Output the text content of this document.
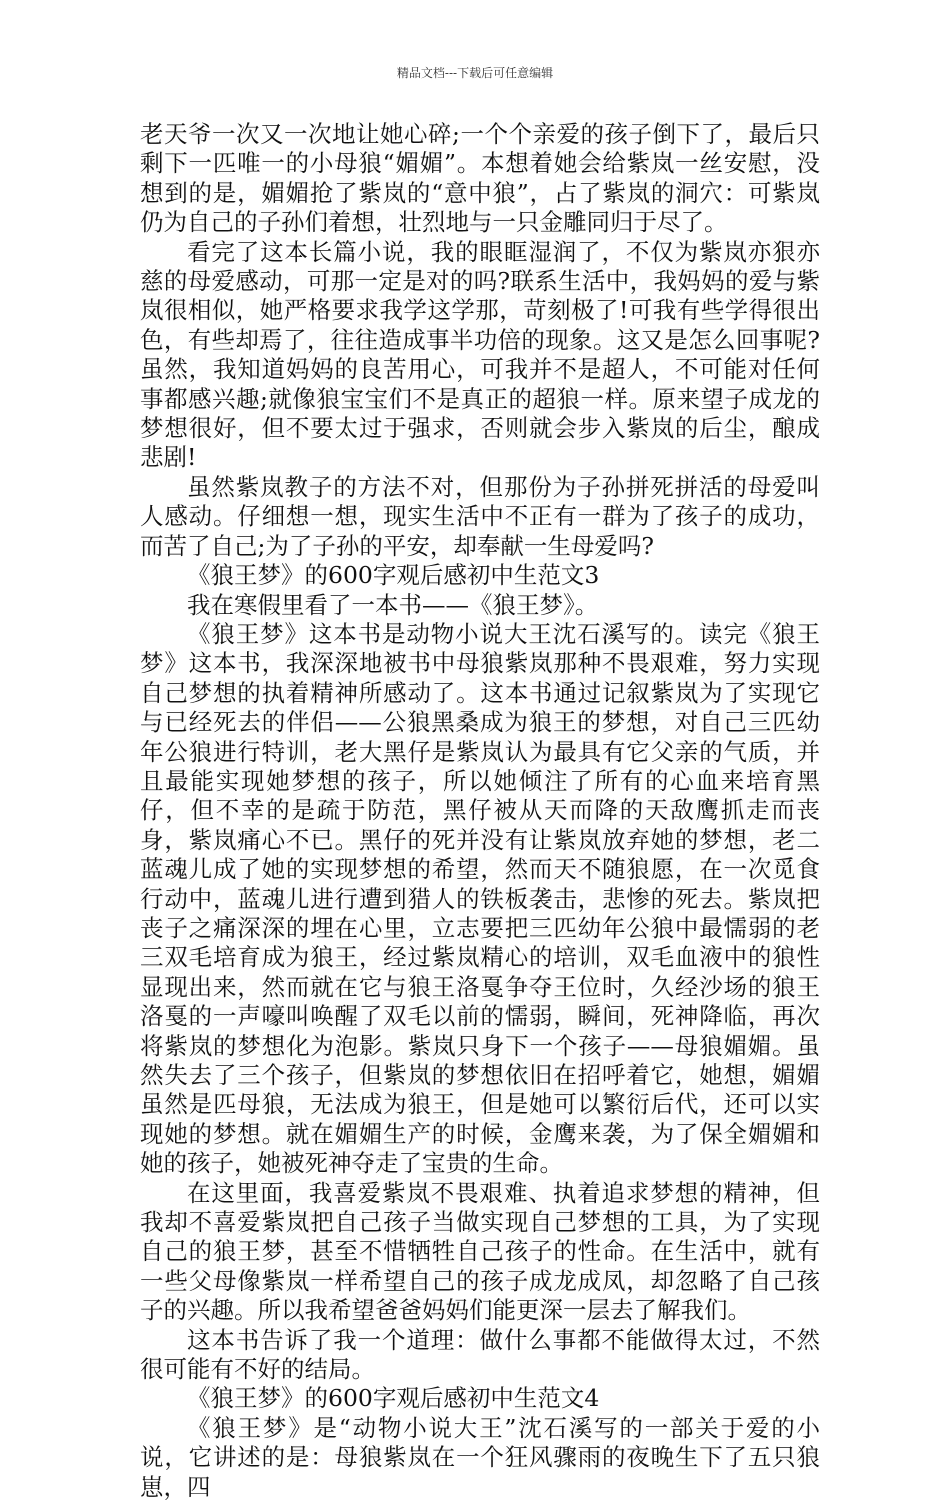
精品文档---下载后可任意编辑

老天爷一次又一次地让她心碎;一个个亲爱的孩子倒下了，最后只剩下一匹唯一的小母狼“媚媚”。本想着她会给紫岚一丝安慰，没想到的是，媚媚抢了紫岚的“意中狼”，占了紫岚的洞穴：可紫岚仍为自己的子孙们着想，壮烈地与一只金雕同归于尽了。

看完了这本长篇小说，我的眼眶湿润了，不仅为紫岚亦狠亦慈的母爱感动，可那一定是对的吗?联系生活中，我妈妈的爱与紫岚很相似，她严格要求我学这学那，苛刻极了!可我有些学得很出色，有些却焉了，往往造成事半功倍的现象。这又是怎么回事呢?虽然，我知道妈妈的良苦用心，可我并不是超人，不可能对任何事都感兴趣;就像狼宝宝们不是真正的超狼一样。原来望子成龙的梦想很好，但不要太过于强求，否则就会步入紫岚的后尘，酿成悲剧!

虽然紫岚教子的方法不对，但那份为子孙拼死拼活的母爱叫人感动。仔细想一想，现实生活中不正有一群为了孩子的成功，而苦了自己;为了子孙的平安，却奉献一生母爱吗?

《狼王梦》的600字观后感初中生范文3

我在寒假里看了一本书——《狼王梦》。

《狼王梦》这本书是动物小说大王沈石溪写的。读完《狼王梦》这本书，我深深地被书中母狼紫岚那种不畏艰难，努力实现自己梦想的执着精神所感动了。这本书通过记叙紫岚为了实现它与已经死去的伴侣——公狼黑桑成为狼王的梦想，对自己三匹幼年公狼进行特训，老大黑仔是紫岚认为最具有它父亲的气质，并且最能实现她梦想的孩子，所以她倾注了所有的心血来培育黑仔，但不幸的是疏于防范，黑仔被从天而降的天敌鹰抓走而丧身，紫岚痛心不已。黑仔的死并没有让紫岚放弃她的梦想，老二蓝魂儿成了她的实现梦想的希望，然而天不随狼愿，在一次觅食行动中，蓝魂儿进行遭到猎人的铁板袭击，悲惨的死去。紫岚把丧子之痛深深的埋在心里，立志要把三匹幼年公狼中最懦弱的老三双毛培育成为狼王，经过紫岚精心的培训，双毛血液中的狼性显现出来，然而就在它与狼王洛戛争夺王位时，久经沙场的狼王洛戛的一声嚎叫唤醒了双毛以前的懦弱，瞬间，死神降临，再次将紫岚的梦想化为泡影。紫岚只身下一个孩子——母狼媚媚。虽然失去了三个孩子，但紫岚的梦想依旧在招呼着它，她想，媚媚虽然是匹母狼，无法成为狼王，但是她可以繁衍后代，还可以实现她的梦想。就在媚媚生产的时候，金鹰来袭，为了保全媚媚和她的孩子，她被死神夺走了宝贵的生命。

在这里面，我喜爱紫岚不畏艰难、执着追求梦想的精神，但我却不喜爱紫岚把自己孩子当做实现自己梦想的工具，为了实现自己的狼王梦，甚至不惜牺牲自己孩子的性命。在生活中，就有一些父母像紫岚一样希望自己的孩子成龙成凤，却忽略了自己孩子的兴趣。所以我希望爸爸妈妈们能更深一层去了解我们。

这本书告诉了我一个道理：做什么事都不能做得太过，不然很可能有不好的结局。

《狼王梦》的600字观后感初中生范文4

《狼王梦》是“动物小说大王”沈石溪写的一部关于爱的小说，它讲述的是：母狼紫岚在一个狂风骤雨的夜晚生下了五只狼崽，四
